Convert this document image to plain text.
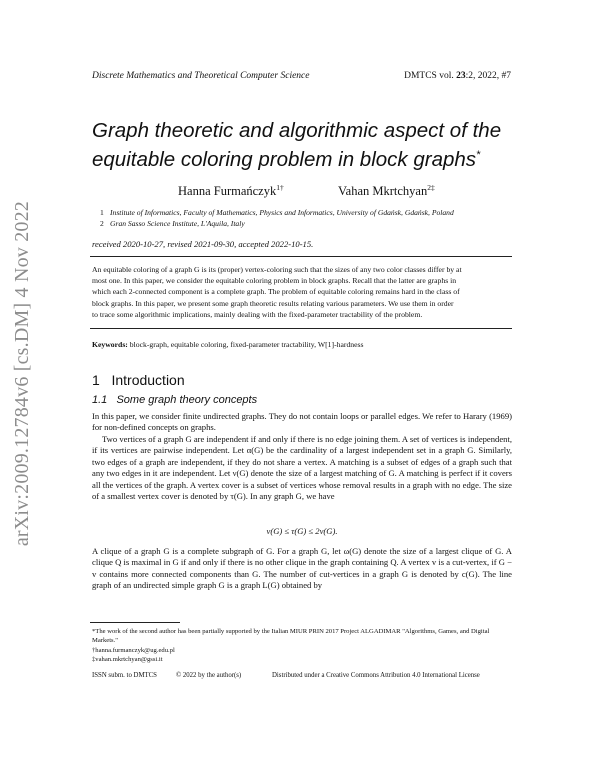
arXiv:2009.12784v6 [cs.DM] 4 Nov 2022
Discrete Mathematics and Theoretical Computer Science	DMTCS vol. 23:2, 2022, #7
Graph theoretic and algorithmic aspect of the
equitable coloring problem in block graphs*
Hanna Furmańczyk$^{1\dagger}$	Vahan Mkrtchyan$^{2\ddagger}$
1 Institute of Informatics, Faculty of Mathematics, Physics and Informatics, University of Gdańsk, Gdańsk, Poland
2 Gran Sasso Science Institute, L'Aquila, Italy
received 2020-10-27, revised 2021-09-30, accepted 2022-10-15.
An equitable coloring of a graph G is its (proper) vertex-coloring such that the sizes of any two color classes differ by at
most one. In this paper, we consider the equitable coloring problem in block graphs. Recall that the latter are graphs in
which each 2-connected component is a complete graph. The problem of equitable coloring remains hard in the class of
block graphs. In this paper, we present some graph theoretic results relating various parameters. We use them in order
to trace some algorithmic implications, mainly dealing with the fixed-parameter tractability of the problem.
Keywords: block-graph, equitable coloring, fixed-parameter tractability, W[1]-hardness
1 Introduction
1.1 Some graph theory concepts
In this paper, we consider finite undirected graphs. They do not contain loops or parallel edges. We refer to Harary (1969) for non-defined concepts on graphs.
Two vertices of a graph G are independent if and only if there is no edge joining them. A set of vertices is independent, if its vertices are pairwise independent. Let α(G) be the cardinality of a largest independent set in a graph G. Similarly, two edges of a graph are independent, if they do not share a vertex. A matching is a subset of edges of a graph such that any two edges in it are independent. Let ν(G) denote the size of a largest matching of G. A matching is perfect if it covers all the vertices of the graph. A vertex cover is a subset of vertices whose removal results in a graph with no edge. The size of a smallest vertex cover is denoted by τ(G). In any graph G, we have
ν(G) ≤ τ(G) ≤ 2ν(G).
A clique of a graph G is a complete subgraph of G. For a graph G, let ω(G) denote the size of a largest clique of G. A clique Q is maximal in G if and only if there is no other clique in the graph containing Q. A vertex v is a cut-vertex, if G − v contains more connected components than G. The number of cut-vertices in a graph G is denoted by c(G). The line graph of an undirected simple graph G is a graph L(G) obtained by
*The work of the second author has been partially supported by the Italian MIUR PRIN 2017 Project ALGADIMAR "Algorithms, Games, and Digital Markets."
†hanna.furmanczyk@ug.edu.pl
‡vahan.mkrtchyan@gssi.it
ISSN subm. to DMTCS	© 2022 by the author(s)	Distributed under a Creative Commons Attribution 4.0 International License
